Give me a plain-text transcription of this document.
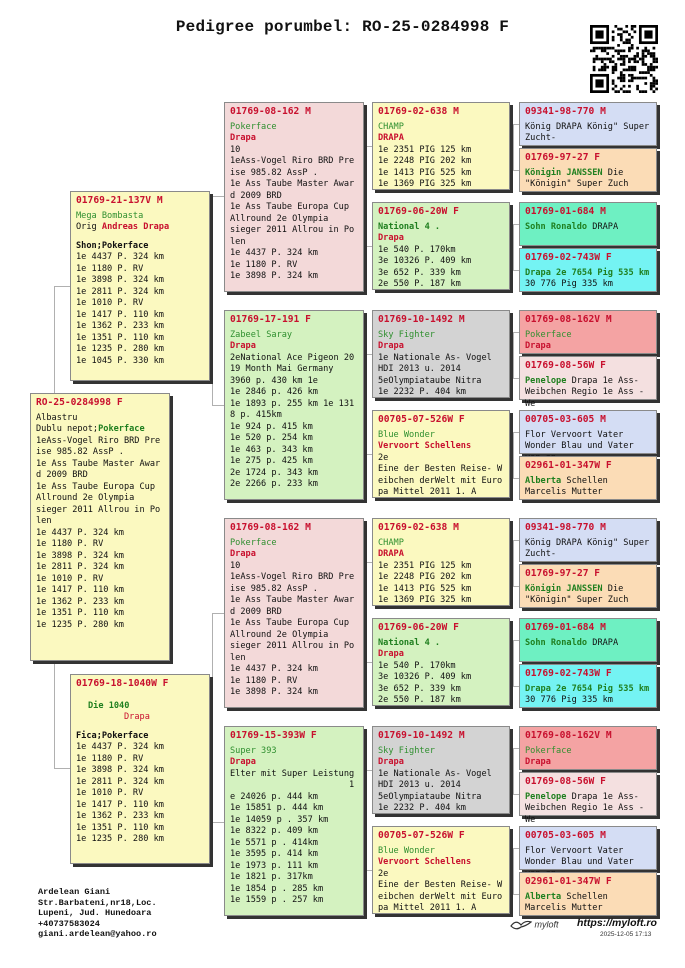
Pedigree porumbel: RO-25-0284998 F
RO-25-0284998 F
Albastru
Dublu nepot;Pokerface
1eAss-Vogel Riro BRD Pre
ise 985.82 AssP .
1e Ass Taube Master Awar
d 2009 BRD
1e Ass Taube Europa Cup
Allround 2e Olympia
sieger 2011 Allrou in Po
len
1e 4437 P. 324 km
1e 1180 P. RV
1e 3898 P. 324 km
1e 2811 P. 324 km
1e 1010 P. RV
1e 1417 P. 110 km
1e 1362 P. 233 km
1e 1351 P. 110 km
1e 1235 P. 280 km
01769-21-137V M
Mega Bombasta
Orig Andreas Drapa
Shon;Pokerface
1e 4437 P. 324 km
1e 1180 P. RV
1e 3898 P. 324 km
1e 2811 P. 324 km
1e 1010 P. RV
1e 1417 P. 110 km
1e 1362 P. 233 km
1e 1351 P. 110 km
1e 1235 P. 280 km
1e 1045 P. 330 km
01769-18-1040W F
Die 1040
Drapa
Fica;Pokerface
1e 4437 P. 324 km
1e 1180 P. RV
1e 3898 P. 324 km
1e 2811 P. 324 km
1e 1010 P. RV
1e 1417 P. 110 km
1e 1362 P. 233 km
1e 1351 P. 110 km
1e 1235 P. 280 km
01769-08-162 M
Pokerface
Drapa
10
1eAss-Vogel Riro BRD Pre
ise 985.82 AssP .
1e Ass Taube Master Awar
d 2009 BRD
1e Ass Taube Europa Cup
Allround 2e Olympia
sieger 2011 Allrou in Po
len
1e 4437 P. 324 km
1e 1180 P. RV
1e 3898 P. 324 km
01769-17-191 F
Zabeel Saray
Drapa
2eNational Ace Pigeon 20
19 Month Mai Germany
3960 p. 430 km 1e
1e 2846 p. 426 km
1e 1893 p. 255 km 1e 131
8 p. 415km
1e 924 p. 415 km
1e 520 p. 254 km
1e 463 p. 343 km
1e 275 p. 425 km
2e 1724 p. 343 km
2e 2266 p. 233 km
01769-08-162 M
Pokerface
Drapa
10
1eAss-Vogel Riro BRD Pre
ise 985.82 AssP .
1e Ass Taube Master Awar
d 2009 BRD
1e Ass Taube Europa Cup
Allround 2e Olympia
sieger 2011 Allrou in Po
len
1e 4437 P. 324 km
1e 1180 P. RV
1e 3898 P. 324 km
01769-15-393W F
Super 393
Drapa
Elter mit Super Leistung
1
e 24026 p. 444 km
1e 15851 p. 444 km
1e 14059 p . 357 km
1e 8322 p. 409 km
1e 5571 p . 414km
1e 3595 p. 414 km
1e 1973 p. 111 km
1e 1821 p. 317km
1e 1854 p . 285 km
1e 1559 p . 257 km
01769-02-638 M
CHAMP
DRAPA
1e 2351 PIG 125 km
1e 2248 PIG 202 km
1e 1413 PIG 525 km
1e 1369 PIG 325 km
01769-06-20W F
National 4 .
Drapa
1e 540 P. 170km
3e 10326 P. 409 km
3e 652 P. 339 km
2e 550 P. 187 km
01769-10-1492 M
Sky Fighter
Drapa
1e Nationale As- Vogel
HDI 2013 u. 2014
5eOlympiataube Nitra
1e 2232 P. 404 km
00705-07-526W F
Blue Wonder
Vervoort Schellens
2e
Eine der Besten Reise- W
eibchen derWelt mit Euro
pa Mittel 2011 1. A
01769-02-638 M
CHAMP
DRAPA
1e 2351 PIG 125 km
1e 2248 PIG 202 km
1e 1413 PIG 525 km
1e 1369 PIG 325 km
01769-06-20W F
National 4 .
Drapa
1e 540 P. 170km
3e 10326 P. 409 km
3e 652 P. 339 km
2e 550 P. 187 km
01769-10-1492 M
Sky Fighter
Drapa
1e Nationale As- Vogel
HDI 2013 u. 2014
5eOlympiataube Nitra
1e 2232 P. 404 km
00705-07-526W F
Blue Wonder
Vervoort Schellens
2e
Eine der Besten Reise- W
eibchen derWelt mit Euro
pa Mittel 2011 1. A
09341-98-770 M
König DRAPA König" Super Zucht-
01769-97-27 F
Königin JANSSEN Die "Königin" Super Zuch
01769-01-684 M
Sohn Ronaldo DRAPA
01769-02-743W F
Drapa 2e 7654 Pig 535 km 30 776 Pig 335 km
01769-08-162V M
Pokerface
Drapa
01769-08-56W F
Penelope Drapa 1e Ass- Weibchen Regio 1e Ass -We
00705-03-605 M
Flor Vervoort Vater Wonder Blau und Vater
02961-01-347W F
Alberta Schellen Marcelis Mutter
09341-98-770 M
König DRAPA König" Super Zucht-
01769-97-27 F
Königin JANSSEN Die "Königin" Super Zuch
01769-01-684 M
Sohn Ronaldo DRAPA
01769-02-743W F
Drapa 2e 7654 Pig 535 km 30 776 Pig 335 km
01769-08-162V M
Pokerface
Drapa
01769-08-56W F
Penelope Drapa 1e Ass- Weibchen Regio 1e Ass -We
00705-03-605 M
Flor Vervoort Vater Wonder Blau und Vater
02961-01-347W F
Alberta Schellen Marcelis Mutter
Ardelean Giani
Str.Barbateni,nr18,Loc.
Lupeni, Jud. Hunedoara
+40737583024
giani.ardelean@yahoo.ro
myloft https://myloft.ro
2025-12-05 17:13
